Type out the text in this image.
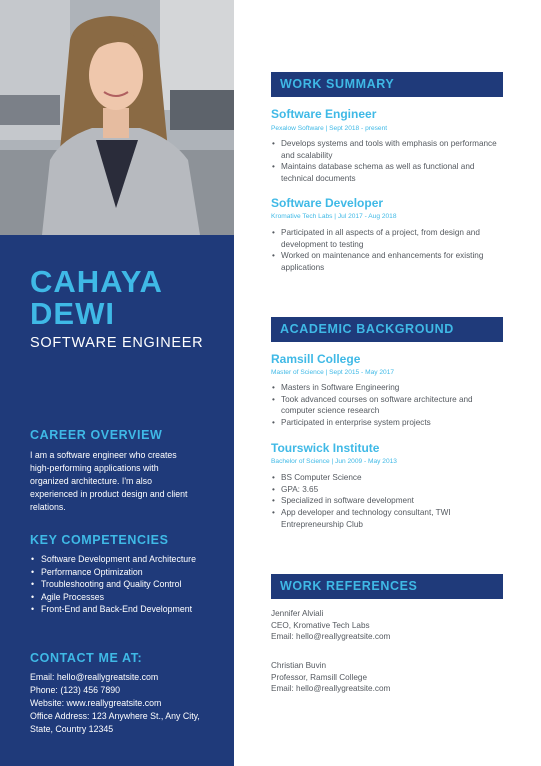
CAHAYA
DEWI
SOFTWARE ENGINEER
CAREER OVERVIEW
I am a software engineer who creates
high-performing applications with
organized architecture. I'm also
experienced in product design and client
relations.
KEY COMPETENCIES
• Software Development and Architecture
• Performance Optimization
• Troubleshooting and Quality Control
• Agile Processes
• Front-End and Back-End Development
CONTACT ME AT:
Email: hello@reallygreatsite.com
Phone: (123) 456 7890
Website: www.reallygreatsite.com
Office Address: 123 Anywhere St., Any City,
State, Country 12345
WORK SUMMARY
Software Engineer
Pexalow Software | Sept 2018 - present
• Develops systems and tools with emphasis on performance and scalability
• Maintains database schema as well as functional and technical documents
Software Developer
Kromative Tech Labs | Jul 2017 - Aug 2018
• Participated in all aspects of a project, from design and development to testing
• Worked on maintenance and enhancements for existing applications
ACADEMIC BACKGROUND
Ramsill College
Master of Science | Sept 2015 - May 2017
• Masters in Software Engineering
• Took advanced courses on software architecture and computer science research
• Participated in enterprise system projects
Tourswick Institute
Bachelor of Science | Jun 2009 - May 2013
• BS Computer Science
• GPA: 3.65
• Specialized in software development
• App developer and technology consultant, TWI Entrepreneurship Club
WORK REFERENCES
Jennifer Alviali
CEO, Kromative Tech Labs
Email: hello@reallygreatsite.com
Christian Buvin
Professor, Ramsill College
Email: hello@reallygreatsite.com
